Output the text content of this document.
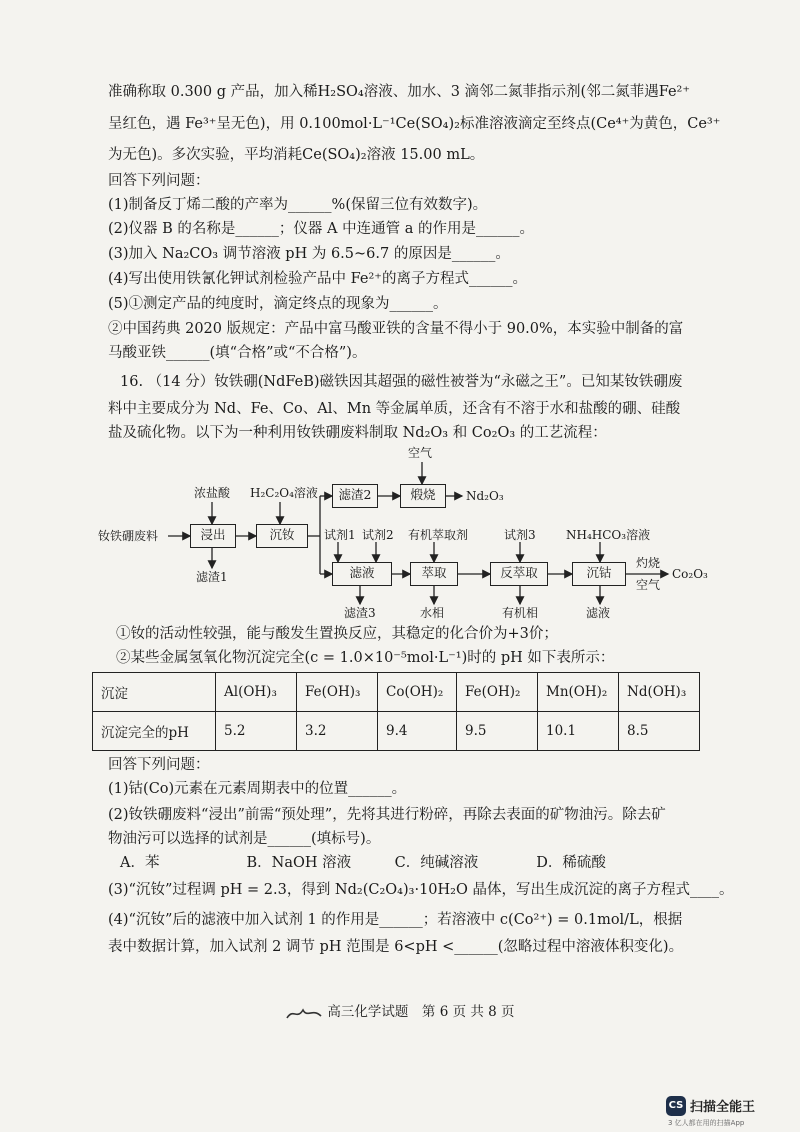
准确称取 0.300 g 产品，加入稀H₂SO₄溶液、加水、3 滴邻二氮菲指示剂(邻二氮菲遇Fe²⁺
呈红色，遇 Fe³⁺呈无色)，用 0.100mol·L⁻¹Ce(SO₄)₂标准溶液滴定至终点(Ce⁴⁺为黄色，Ce³⁺
为无色)。多次实验，平均消耗Ce(SO₄)₂溶液 15.00 mL。
回答下列问题：
(1)制备反丁烯二酸的产率为______%(保留三位有效数字)。
(2)仪器 B 的名称是______；仪器 A 中连通管 a 的作用是______。
(3)加入 Na₂CO₃ 调节溶液 pH 为 6.5~6.7 的原因是______。
(4)写出使用铁氰化钾试剂检验产品中 Fe²⁺的离子方程式______。
(5)①测定产品的纯度时，滴定终点的现象为______。
②中国药典 2020 版规定：产品中富马酸亚铁的含量不得小于 90.0%，本实验中制备的富
马酸亚铁______(填“合格”或“不合格”)。
16. （14 分）钕铁硼(NdFeB)磁铁因其超强的磁性被誉为“永磁之王”。已知某钕铁硼废
料中主要成分为 Nd、Fe、Co、Al、Mn 等金属单质，还含有不溶于水和盐酸的硼、硅酸
盐及硫化物。以下为一种利用钕铁硼废料制取 Nd₂O₃ 和 Co₂O₃ 的工艺流程：
浸出	沉钕
滤渣2	煅烧
滤液	萃取	反萃取	沉钴
空气
浓盐酸 H₂C₂O₄溶液	Nd₂O₃
钕铁硼废料	试剂1 试剂2 有机萃取剂	试剂3	NH₄HCO₃溶液
滤渣1
灼烧
空气
Co₂O₃
滤渣3	水相	有机相	滤液
①钕的活动性较强，能与酸发生置换反应，其稳定的化合价为+3价；
②某些金属氢氧化物沉淀完全(c = 1.0×10⁻⁵mol·L⁻¹)时的 pH 如下表所示：
沉淀	Al(OH)₃	Fe(OH)₃	Co(OH)₂	Fe(OH)₂	Mn(OH)₂	Nd(OH)₃
沉淀完全的pH	5.2	3.2	9.4	9.5	10.1	8.5
回答下列问题：
(1)钴(Co)元素在元素周期表中的位置______。
(2)钕铁硼废料“浸出”前需“预处理”，先将其进行粉碎，再除去表面的矿物油污。除去矿
物油污可以选择的试剂是______(填标号)。
A．苯　　　　　　B．NaOH 溶液　　　C．纯碱溶液　　　　D．稀硫酸
(3)“沉钕”过程调 pH = 2.3，得到 Nd₂(C₂O₄)₃·10H₂O 晶体，写出生成沉淀的离子方程式____。
(4)“沉钕”后的滤液中加入试剂 1 的作用是______；若溶液中 c(Co²⁺) = 0.1mol/L，根据
表中数据计算，加入试剂 2 调节 pH 范围是 6<pH <______(忽略过程中溶液体积变化)。
高三化学试题　第 6 页 共 8 页
CS 扫描全能王
3 亿人都在用的扫描App
